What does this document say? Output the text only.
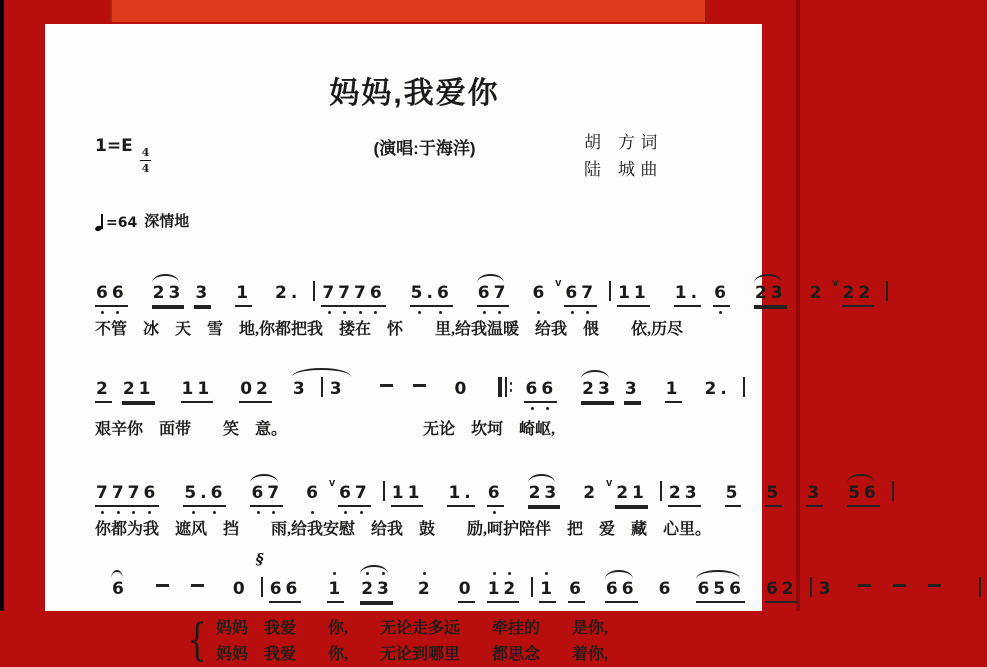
妈妈,我爱你
$1=E \frac{4}{4}$	(演唱:于海洋)	胡　方 词
陆　城 曲
=64 深情地
66 23 3 1 2. 7776 5.6 67 6 v 67 11 1. 6 23 2 v 22
不管　冰　天　雪　地,你都把我　搂在　怀　　里,给我温暖　给我　偎　　依,历尽
2 21 11 02 3 3	0	66 23 3 1 2.
艰辛你　面带　　笑　意。　　　　　　　　　无论　坎坷　崎岖,
7776 5.6 67 6 v 67 11 1. 6 23 2 v 21 23 5 5 3 56
你都为我　遮风　挡　　雨,给我安慰　给我　鼓　　励,呵护陪伴　把　爱　藏　心里。
6	0
§
66 1 23 2 0 12 1 6 66 6 656 62 3
{ 妈妈　我爱　　你,　　无论走多远　　牵挂的　　是你,
妈妈　我爱　　你,　　无论到哪里　　都思念　　着你,
